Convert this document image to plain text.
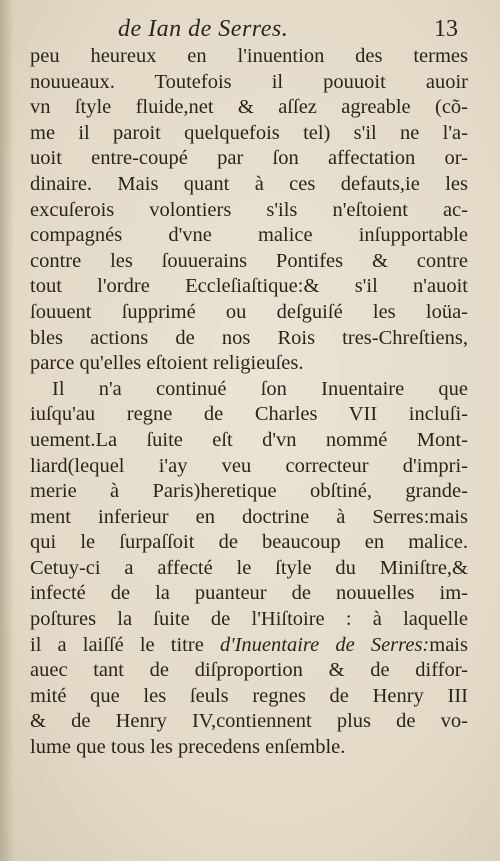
de Ian de Serres.	13
peu heureux en l'inuention des termes
nouueaux. Toutefois il pouuoit auoir
vn ſtyle fluide,net & aſſez agreable (cõ-
me il paroit quelquefois tel) s'il ne l'a-
uoit entre-coupé par ſon affectation or-
dinaire. Mais quant à ces defauts,ie les
excuſerois volontiers s'ils n'eſtoient ac-
compagnés d'vne malice inſupportable
contre les ſouuerains Pontifes & contre
tout l'ordre Eccleſiaſtique:& s'il n'auoit
ſouuent ſupprimé ou deſguiſé les loüa-
bles actions de nos Rois tres-Chreſtiens,
parce qu'elles eſtoient religieuſes.
Il n'a continué ſon Inuentaire que
iuſqu'au regne de Charles VII incluſi-
uement.La ſuite eſt d'vn nommé Mont-
liard(lequel i'ay veu correcteur d'impri-
merie à Paris)heretique obſtiné, grande-
ment inferieur en doctrine à Serres:mais
qui le ſurpaſſoit de beaucoup en malice.
Cetuy-ci a affecté le ſtyle du Miniſtre,&
infecté de la puanteur de nouuelles im-
poſtures la ſuite de l'Hiſtoire : à laquelle
il a laiſſé le titre d'Inuentaire de Serres:mais
auec tant de diſproportion & de diffor-
mité que les ſeuls regnes de Henry III
& de Henry IV,contiennent plus de vo-
lume que tous les precedens enſemble.
